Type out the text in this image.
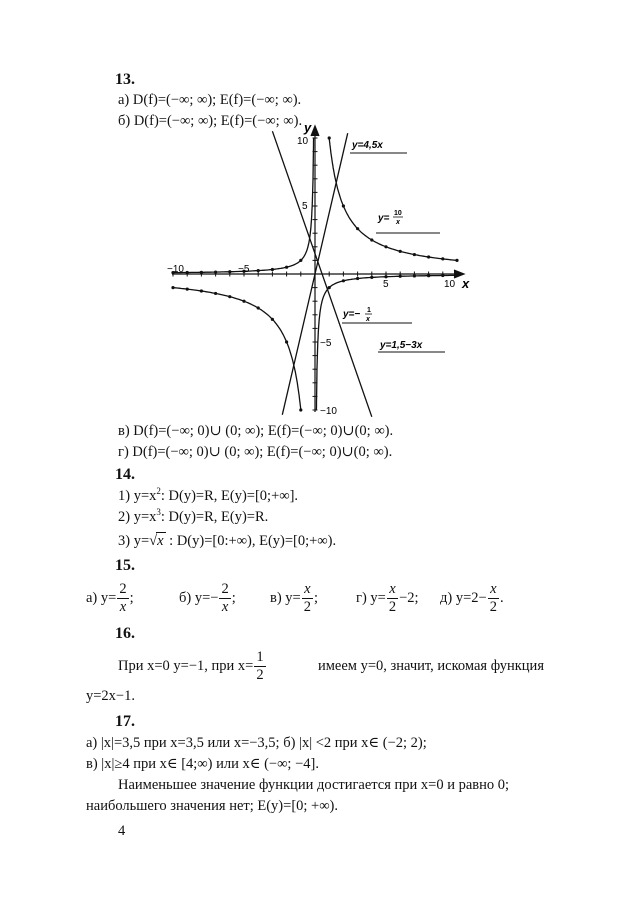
13.
а) D(f)=(−∞; ∞); E(f)=(−∞; ∞).
б) D(f)=(−∞; ∞); E(f)=(−∞; ∞).
−10	−5
5	10
10
5
−5
−10
x
y
y=4,5x
y= 10
x
y=− 1
x
y=1,5−3x
в) D(f)=(−∞; 0)∪ (0; ∞); E(f)=(−∞; 0)∪(0; ∞).
г) D(f)=(−∞; 0)∪ (0; ∞); E(f)=(−∞; 0)∪(0; ∞).
14.
1) $y=x^2$: D(y)=R, E(y)=[0;+∞].
2) $y=x^3$: D(y)=R, E(y)=R.
3) y=√x : D(y)=[0:+∞), E(y)=[0;+∞).
15.
а) $y= \frac{2}{x}$ ;	б) $y=- \frac{2}{x}$ ; в) $y= \frac{x}{2}$ ;	г) $y= \frac{x}{2} -2$; д) $y=2- \frac{x}{2}$ .
16.
При x=0 y=−1, при $x= \frac{1}{2}$	имеем y=0, значит, искомая функция
y=2x−1.
17.
а) |x|=3,5 при x=3,5 или x=−3,5; б) |x| <2 при x∈ (−2; 2);
в) |x|≥4 при x∈ [4;∞) или x∈ (−∞; −4].
Наименьшее значение функции достигается при x=0 и равно 0;
наибольшего значения нет; E(y)=[0; +∞).
4
